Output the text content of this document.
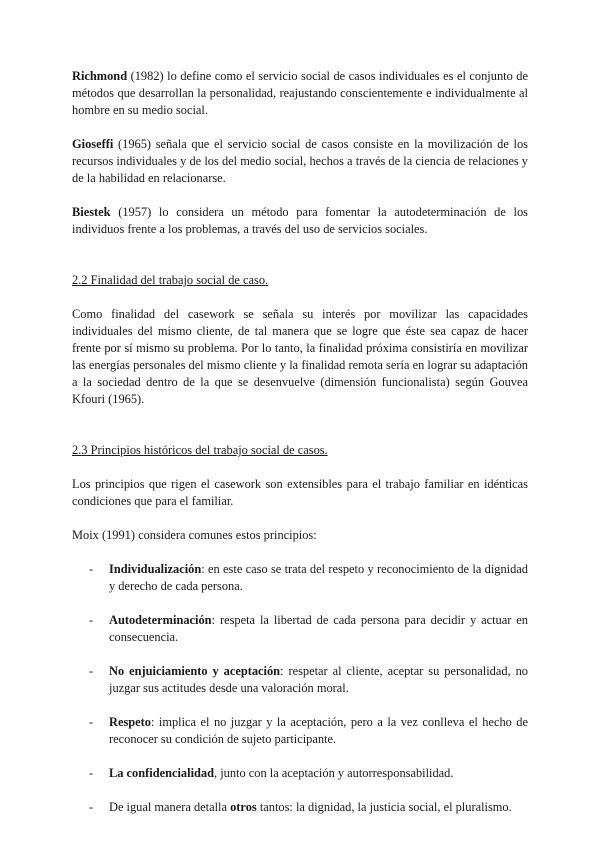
Richmond (1982) lo define como el servicio social de casos individuales es el conjunto de métodos que desarrollan la personalidad, reajustando conscientemente e individualmente al hombre en su medio social.

Gioseffi (1965) señala que el servicio social de casos consiste en la movilización de los recursos individuales y de los del medio social, hechos a través de la ciencia de relaciones y de la habilidad en relacionarse.

Biestek (1957) lo considera un método para fomentar la autodeterminación de los individuos frente a los problemas, a través del uso de servicios sociales.

2.2 Finalidad del trabajo social de caso.

Como finalidad del casework se señala su interés por movilizar las capacidades individuales del mismo cliente, de tal manera que se logre que éste sea capaz de hacer frente por sí mismo su problema. Por lo tanto, la finalidad próxima consistiría en movilizar las energías personales del mismo cliente y la finalidad remota sería en lograr su adaptación a la sociedad dentro de la que se desenvuelve (dimensión funcionalista) según Gouvea Kfouri (1965).

2.3 Principios históricos del trabajo social de casos.

Los principios que rigen el casework son extensibles para el trabajo familiar en idénticas condiciones que para el familiar.

Moix (1991) considera comunes estos principios:

- Individualización: en este caso se trata del respeto y reconocimiento de la dignidad y derecho de cada persona.
- Autodeterminación: respeta la libertad de cada persona para decidir y actuar en consecuencia.
- No enjuiciamiento y aceptación: respetar al cliente, aceptar su personalidad, no juzgar sus actitudes desde una valoración moral.
- Respeto: implica el no juzgar y la aceptación, pero a la vez conlleva el hecho de reconocer su condición de sujeto participante.
- La confidencialidad, junto con la aceptación y autorresponsabilidad.
- De igual manera detalla otros tantos: la dignidad, la justicia social, el pluralismo.
